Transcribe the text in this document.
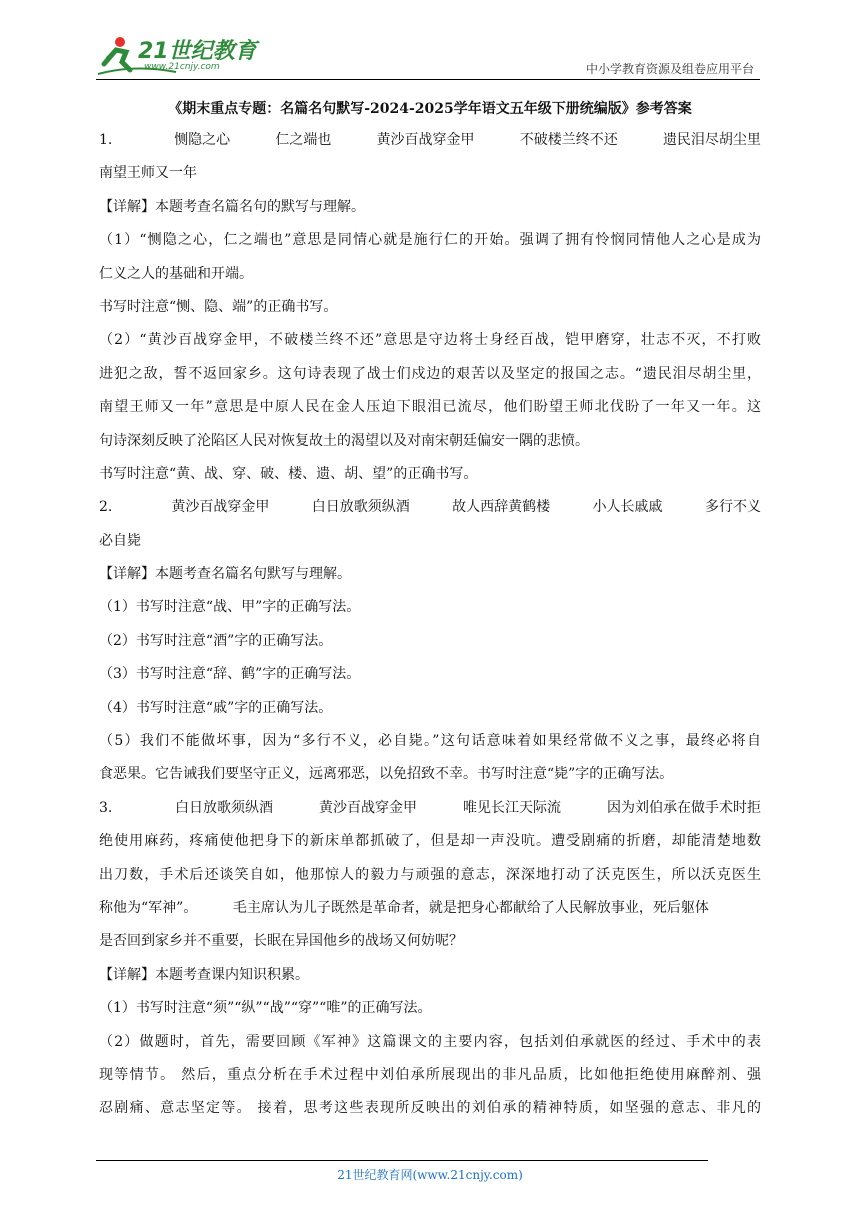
21世纪教育
www.21cnjy.com	中小学教育资源及组卷应用平台
《期末重点专题：名篇名句默写-2024-2025学年语文五年级下册统编版》参考答案
1.	恻隐之心	仁之端也	黄沙百战穿金甲	不破楼兰终不还	遗民泪尽胡尘里
南望王师又一年
【详解】本题考查名篇名句的默写与理解。
（1）“恻隐之心，仁之端也”意思是同情心就是施行仁的开始。强调了拥有怜悯同情他人之心是成为
仁义之人的基础和开端。
书写时注意“恻、隐、端”的正确书写。
（2）“黄沙百战穿金甲，不破楼兰终不还”意思是守边将士身经百战，铠甲磨穿，壮志不灭，不打败
进犯之敌，誓不返回家乡。这句诗表现了战士们戍边的艰苦以及坚定的报国之志。“遗民泪尽胡尘里，
南望王师又一年”意思是中原人民在金人压迫下眼泪已流尽，他们盼望王师北伐盼了一年又一年。这
句诗深刻反映了沦陷区人民对恢复故土的渴望以及对南宋朝廷偏安一隅的悲愤。
书写时注意“黄、战、穿、破、楼、遗、胡、望”的正确书写。
2.	黄沙百战穿金甲	白日放歌须纵酒	故人西辞黄鹤楼	小人长戚戚	多行不义
必自毙
【详解】本题考查名篇名句默写与理解。
（1）书写时注意“战、甲”字的正确写法。
（2）书写时注意“酒”字的正确写法。
（3）书写时注意“辞、鹤”字的正确写法。
（4）书写时注意“戚”字的正确写法。
（5）我们不能做坏事，因为“多行不义，必自毙。”这句话意味着如果经常做不义之事，最终必将自
食恶果。它告诫我们要坚守正义，远离邪恶，以免招致不幸。书写时注意“毙”字的正确写法。
3.	白日放歌须纵酒	黄沙百战穿金甲	唯见长江天际流	因为刘伯承在做手术时拒
绝使用麻药，疼痛使他把身下的新床单都抓破了，但是却一声没吭。遭受剧痛的折磨，却能清楚地数
出刀数，手术后还谈笑自如，他那惊人的毅力与顽强的意志，深深地打动了沃克医生，所以沃克医生
称他为“军神”。        毛主席认为儿子既然是革命者，就是把身心都献给了人民解放事业，死后躯体
是否回到家乡并不重要，长眠在异国他乡的战场又何妨呢？
【详解】本题考查课内知识积累。
（1）书写时注意“须”“纵”“战”“穿”“唯”的正确写法。
（2）做题时，首先，需要回顾《军神》这篇课文的主要内容，包括刘伯承就医的经过、手术中的表
现等情节。 然后，重点分析在手术过程中刘伯承所展现出的非凡品质，比如他拒绝使用麻醉剂、强
忍剧痛、意志坚定等。 接着，思考这些表现所反映出的刘伯承的精神特质，如坚强的意志、非凡的
21世纪教育网(www.21cnjy.com)
